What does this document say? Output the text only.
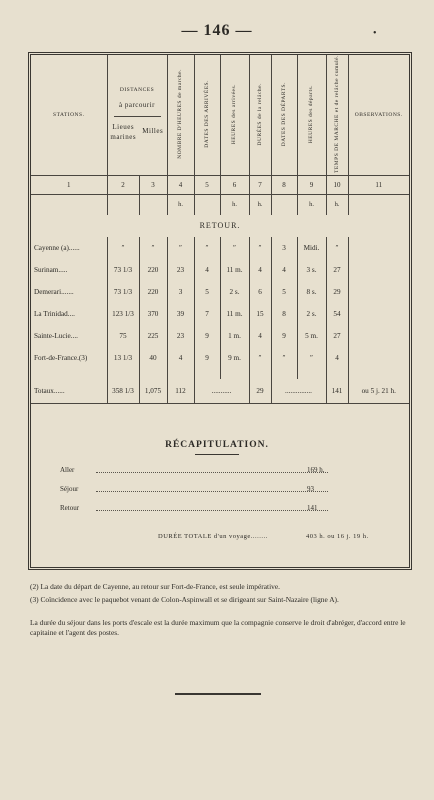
— 146 —	•
STATIONS.	DISTANCES
à parcourir
Lieues marines
Milles		NOMBRE D'HEURES de marche.	DATES DES ARRIVÉES.	HEURES des arrivées.	DURÉES de la relâche.	DATES DES DÉPARTS.	HEURES des départs.	TEMPS DE MARCHE et de relâche cumulé.	OBSERVATIONS.
1	2	3	4	5	6	7	8	9	10	11
			h.		h.	h.		h.	h.	
RETOUR.										
Cayenne (a)......	″	″	″	″	″	″	3	Midi.	″	
Surinam.....	73 1/3	220	23	4	11 m.	4	4	3 s.	27	
Demerari.......	73 1/3	220	3	5	2 s.	6	5	8 s.	29	
La Trinidad....	123 1/3	370	39	7	11 m.	15	8	2 s.	54	
Sainte-Lucie....	75	225	23	9	1 m.	4	9	5 m.	27	
Fort-de-France.(3)	13 1/3	40	4	9	9 m.	″	″	″	4	

Totaux......	358 1/3	1,075	112	...........		29	...............		141	ou 5 j. 21 h.
RÉCAPITULATION.
Aller	169 h.
Séjour	93
Retour	141
DURÉE TOTALE d'un voyage........	403 h. ou 16 j. 19 h.
(2) La date du départ de Cayenne, au retour sur Fort-de-France, est seule impérative.
(3) Coïncidence avec le paquebot venant de Colon-Aspinwall et se dirigeant sur Saint-Nazaire (ligne A).
La durée du séjour dans les ports d'escale est la durée maximum que la compagnie conserve le droit d'abréger, d'accord entre le capitaine et l'agent des postes.
